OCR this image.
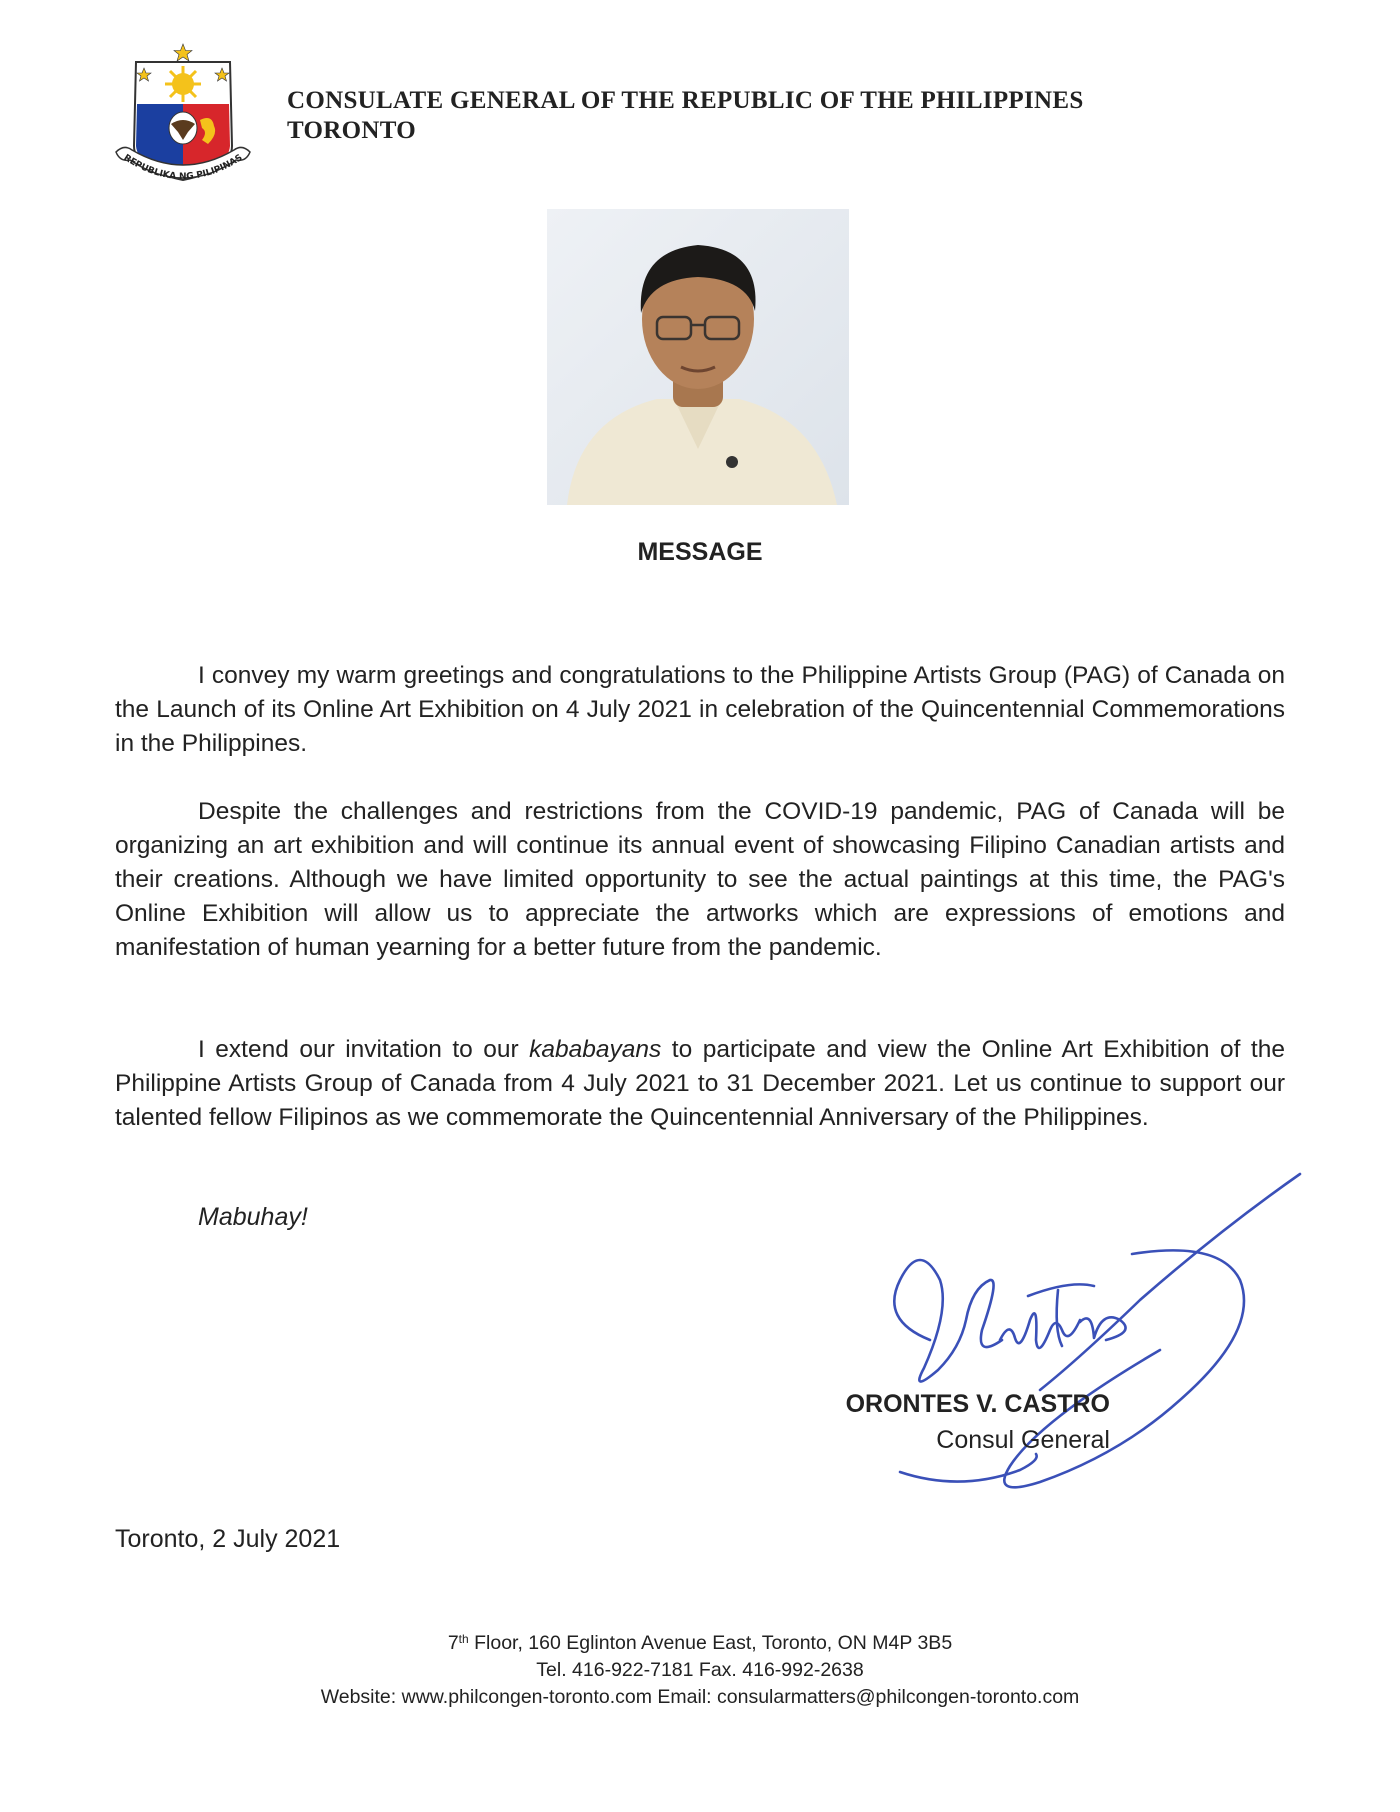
REPUBLIKA NG PILIPINAS
CONSULATE GENERAL OF THE REPUBLIC OF THE PHILIPPINES
TORONTO
MESSAGE

I convey my warm greetings and congratulations to the Philippine Artists Group (PAG) of Canada on the Launch of its Online Art Exhibition on 4 July 2021 in celebration of the Quincentennial Commemorations in the Philippines.

Despite the challenges and restrictions from the COVID-19 pandemic, PAG of Canada will be organizing an art exhibition and will continue its annual event of showcasing Filipino Canadian artists and their creations. Although we have limited opportunity to see the actual paintings at this time, the PAG's Online Exhibition will allow us to appreciate the artworks which are expressions of emotions and manifestation of human yearning for a better future from the pandemic.

I extend our invitation to our kababayans to participate and view the Online Art Exhibition of the Philippine Artists Group of Canada from 4 July 2021 to 31 December 2021. Let us continue to support our talented fellow Filipinos as we commemorate the Quincentennial Anniversary of the Philippines.

Mabuhay!
ORONTES V. CASTRO
Consul General
Toronto, 2 July 2021
7th Floor, 160 Eglinton Avenue East, Toronto, ON M4P 3B5
Tel. 416-922-7181 Fax. 416-992-2638
Website: www.philcongen-toronto.com Email: consularmatters@philcongen-toronto.com
